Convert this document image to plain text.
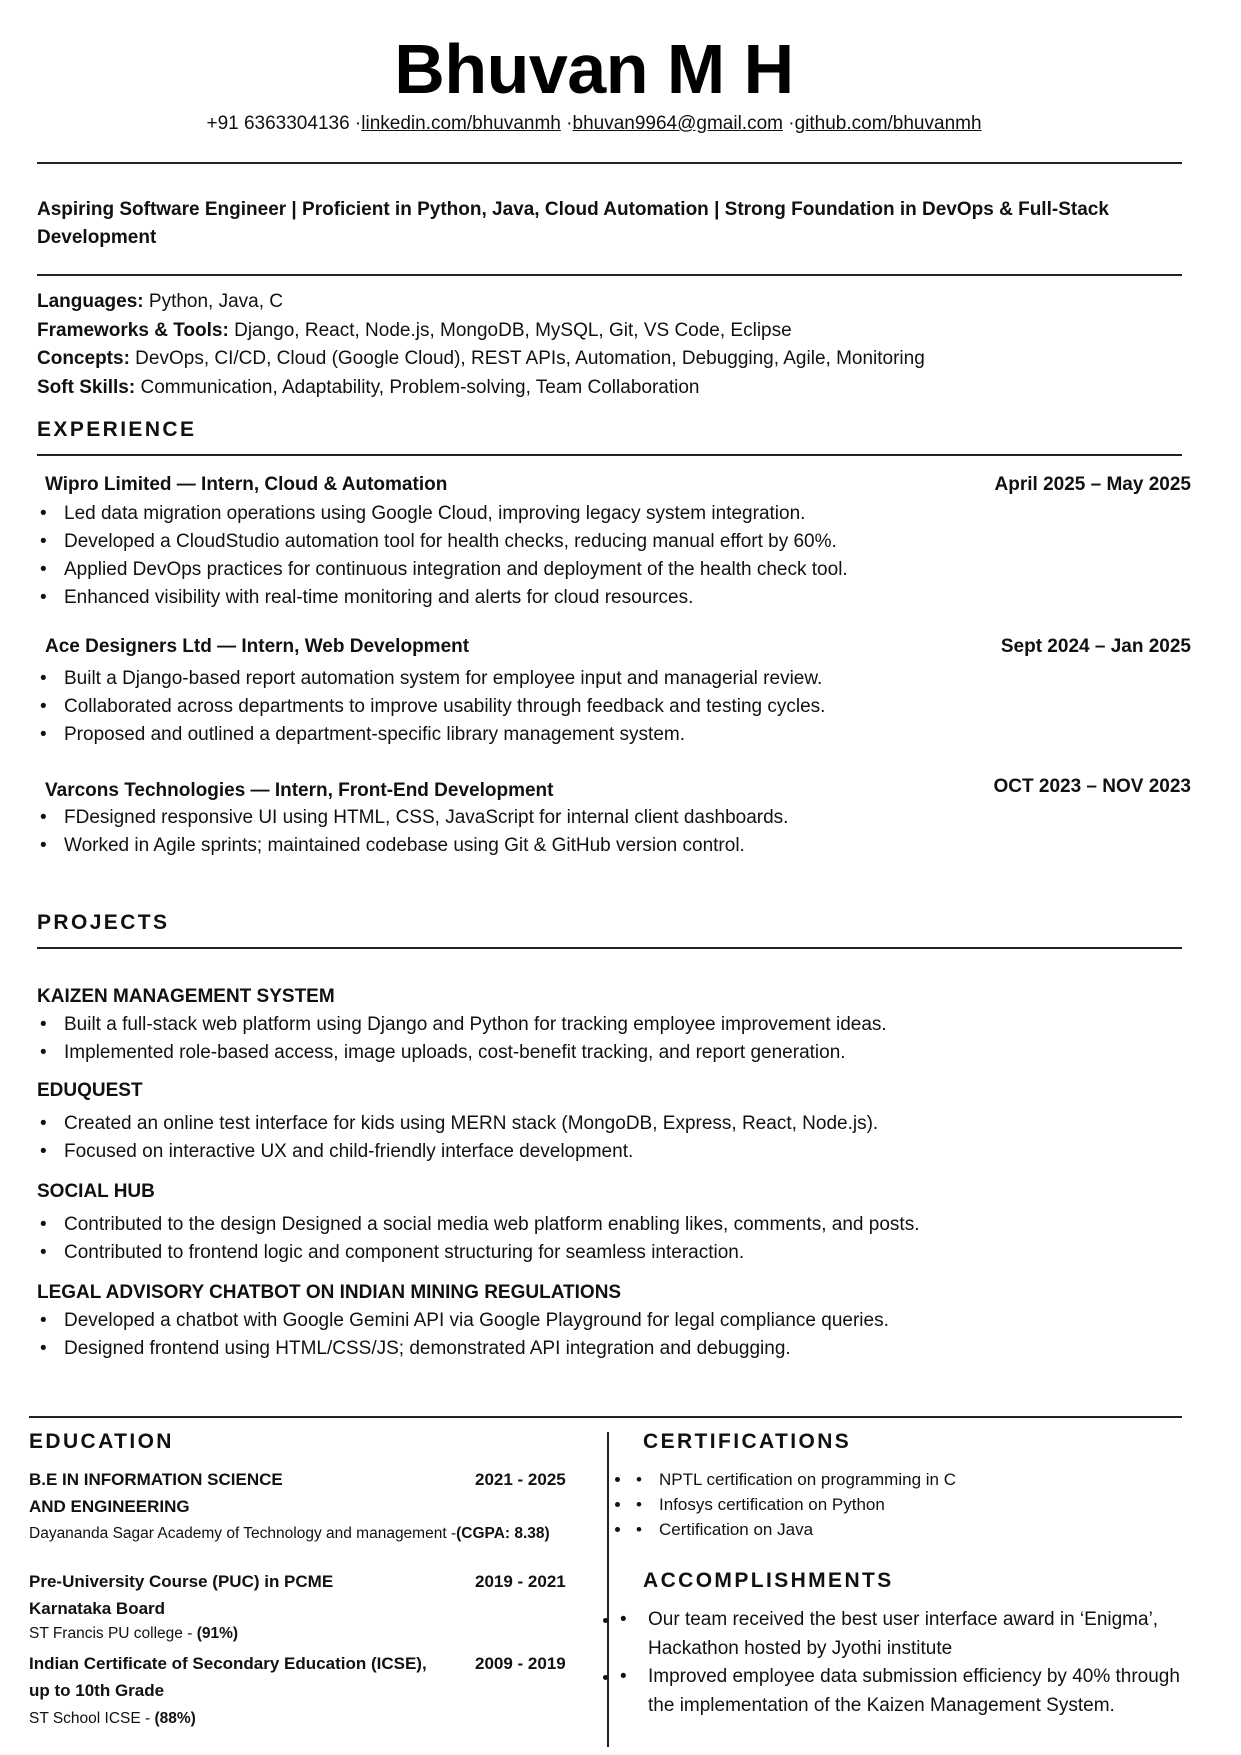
Bhuvan M H
+91 6363304136 ·linkedin.com/bhuvanmh ·bhuvan9964@gmail.com ·github.com/bhuvanmh
Aspiring Software Engineer | Proficient in Python, Java, Cloud Automation | Strong Foundation in DevOps & Full-Stack Development
Languages: Python, Java, C
Frameworks & Tools: Django, React, Node.js, MongoDB, MySQL, Git, VS Code, Eclipse
Concepts: DevOps, CI/CD, Cloud (Google Cloud), REST APIs, Automation, Debugging, Agile, Monitoring
Soft Skills: Communication, Adaptability, Problem-solving, Team Collaboration
EXPERIENCE
Wipro Limited — Intern, Cloud & Automation	April 2025 – May 2025
• Led data migration operations using Google Cloud, improving legacy system integration.
• Developed a CloudStudio automation tool for health checks, reducing manual effort by 60%.
• Applied DevOps practices for continuous integration and deployment of the health check tool.
• Enhanced visibility with real-time monitoring and alerts for cloud resources.
Ace Designers Ltd — Intern, Web Development	Sept 2024 – Jan 2025
• Built a Django-based report automation system for employee input and managerial review.
• Collaborated across departments to improve usability through feedback and testing cycles.
• Proposed and outlined a department-specific library management system.
Varcons Technologies — Intern, Front-End Development	OCT 2023 – NOV 2023
• FDesigned responsive UI using HTML, CSS, JavaScript for internal client dashboards.
• Worked in Agile sprints; maintained codebase using Git & GitHub version control.
PROJECTS
KAIZEN MANAGEMENT SYSTEM
• Built a full-stack web platform using Django and Python for tracking employee improvement ideas.
• Implemented role-based access, image uploads, cost-benefit tracking, and report generation.
EDUQUEST
• Created an online test interface for kids using MERN stack (MongoDB, Express, React, Node.js).
• Focused on interactive UX and child-friendly interface development.
SOCIAL HUB
• Contributed to the design Designed a social media web platform enabling likes, comments, and posts.
• Contributed to frontend logic and component structuring for seamless interaction.
LEGAL ADVISORY CHATBOT ON INDIAN MINING REGULATIONS
• Developed a chatbot with Google Gemini API via Google Playground for legal compliance queries.
• Designed frontend using HTML/CSS/JS; demonstrated API integration and debugging.
EDUCATION
B.E IN INFORMATION SCIENCE	2021 - 2025
AND ENGINEERING
Dayananda Sagar Academy of Technology and management -(CGPA: 8.38)
Pre-University Course (PUC) in PCME	2019 - 2021
Karnataka Board
ST Francis PU college - (91%)
Indian Certificate of Secondary Education (ICSE),	2009 - 2019
up to 10th Grade
ST School ICSE - (88%)
CERTIFICATIONS
• • NPTL certification on programming in C
• • Infosys certification on Python
• • Certification on Java
ACCOMPLISHMENTS
• • Our team received the best user interface award in ‘Enigma’, Hackathon hosted by Jyothi institute
• • Improved employee data submission efficiency by 40% through the implementation of the Kaizen Management System.
